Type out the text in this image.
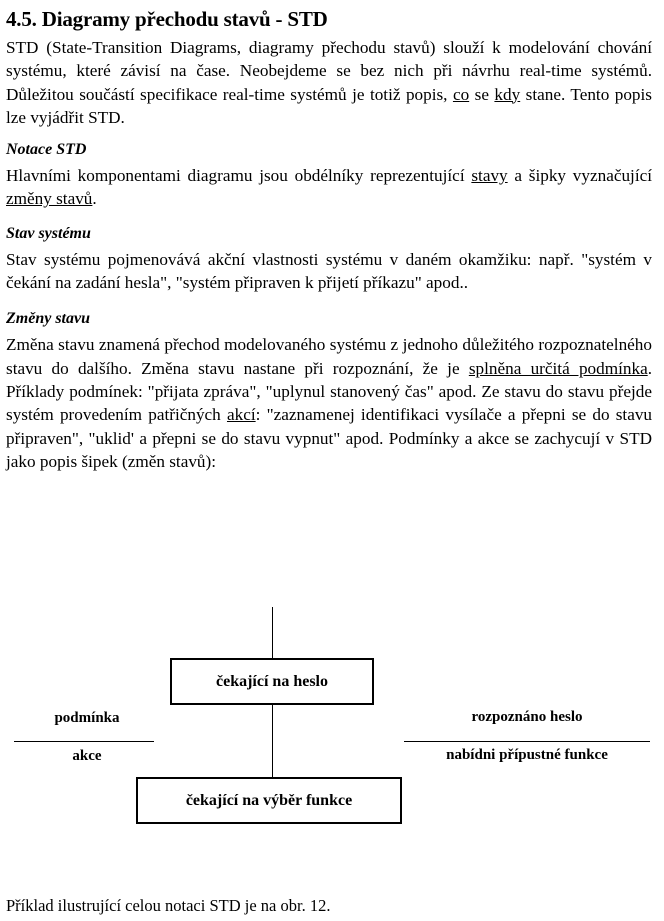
4.5. Diagramy přechodu stavů - STD

STD (State-Transition Diagrams, diagramy přechodu stavů) slouží k modelování chování systému, které závisí na čase. Neobejdeme se bez nich při návrhu real-time systémů. Důležitou součástí specifikace real-time systémů je totiž popis, co se kdy stane. Tento popis lze vyjádřit STD.

Notace STD

Hlavními komponentami diagramu jsou obdélníky reprezentující stavy a šipky vyznačující změny stavů.

Stav systému

Stav systému pojmenovává akční vlastnosti systému v daném okamžiku: např. "systém v čekání na zadání hesla", "systém připraven k přijetí příkazu" apod..

Změny stavu

Změna stavu znamená přechod modelovaného systému z jednoho důležitého rozpoznatelného stavu do dalšího. Změna stavu nastane při rozpoznání, že je splněna určitá podmínka. Příklady podmínek: "přijata zpráva", "uplynul stanovený čas" apod. Ze stavu do stavu přejde systém provedením patřičných akcí: "zaznamenej identifikaci vysílače a přepni se do stavu připraven", "uklid' a přepni se do stavu vypnut" apod. Podmínky a akce se zachycují v STD jako popis šipek (změn stavů):

čekající na heslo
čekající na výběr funkce
podmínka
akce
rozpoznáno heslo
nabídni přípustné funkce
Příklad ilustrující celou notaci STD je na obr. 12.
